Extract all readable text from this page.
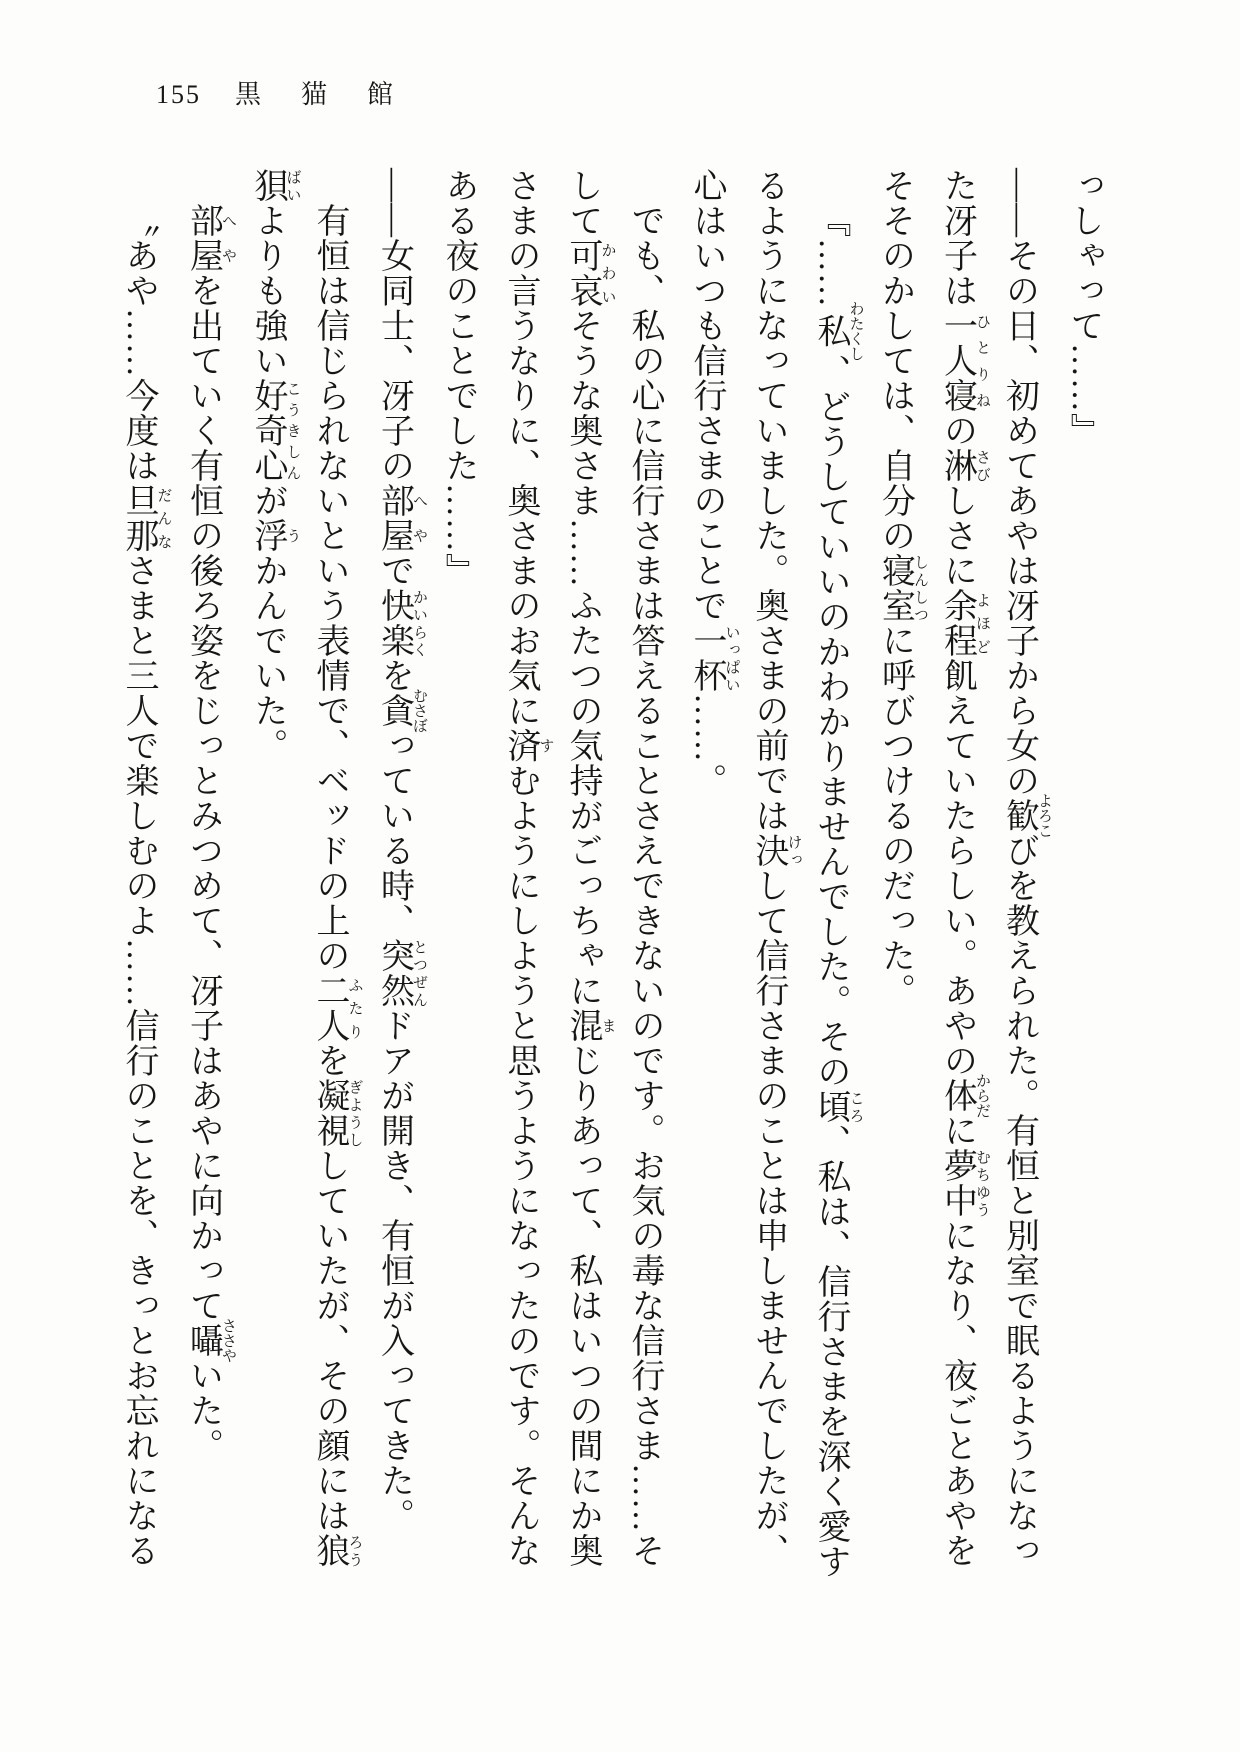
155 黒猫館

っしゃって……』

――その日、初めてあやは冴子から女の歓よろこびを教えられた。有恒と別室で眠るようになった冴子は一人寝ひとりねの淋さびしさに余程よほど飢えていたらしい。あやの体からだに夢中むちゆうになり、夜ごとあやをそそのかしては、自分の寝室しんしつに呼びつけるのだった。

『……私わたくし、どうしていいのかわかりませんでした。その頃ころ、私は、信行さまを深く愛するようになっていました。奥さまの前では決けっして信行さまのことは申しませんでしたが、心はいつも信行さまのことで一杯いっぱい……。

でも、私の心に信行さまは答えることさえできないのです。お気の毒な信行さま……そして可哀かわいそうな奥さま……ふたつの気持がごっちゃに混まじりあって、私はいつの間にか奥さまの言うなりに、奥さまのお気に済すむようにしようと思うようになったのです。そんなある夜のことでした……』

――女同士、冴子の部屋へやで快楽かいらくを貪むさぼっている時、突然とつぜんドアが開き、有恒が入ってきた。

有恒は信じられないという表情で、ベッドの上の二人ふたりを凝視ぎようししていたが、その顔には狼ろう狽ばいよりも強い好奇心こうきしんが浮うかんでいた。

部屋へやを出ていく有恒の後ろ姿をじっとみつめて、冴子はあやに向かって囁ささやいた。

〝あや……今度は旦那だんなさまと三人で楽しむのよ……信行のことを、きっとお忘れになる
